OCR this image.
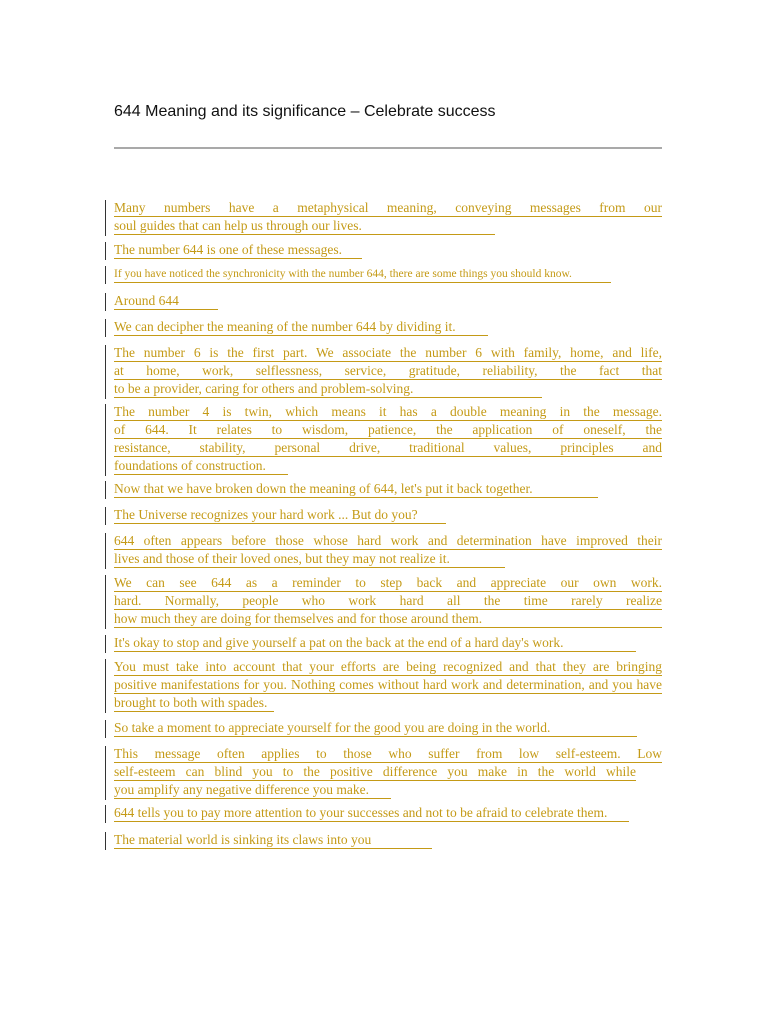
644 Meaning and its significance – Celebrate success
Many numbers have a metaphysical meaning, conveying messages from our
soul guides that can help us through our lives.
The number 644 is one of these messages.
If you have noticed the synchronicity with the number 644, there are some things you should know.
Around 644
We can decipher the meaning of the number 644 by dividing it.
The number 6 is the first part. We associate the number 6 with family, home, and life,
at home, work, selflessness, service, gratitude, reliability, the fact that
to be a provider, caring for others and problem-solving.
The number 4 is twin, which means it has a double meaning in the message.
of 644. It relates to wisdom, patience, the application of oneself, the
resistance, stability, personal drive, traditional values, principles and
foundations of construction.
Now that we have broken down the meaning of 644, let's put it back together.
The Universe recognizes your hard work ... But do you?
644 often appears before those whose hard work and determination have improved their
lives and those of their loved ones, but they may not realize it.
We can see 644 as a reminder to step back and appreciate our own work.
hard. Normally, people who work hard all the time rarely realize
how much they are doing for themselves and for those around them.
It's okay to stop and give yourself a pat on the back at the end of a hard day's work.
You must take into account that your efforts are being recognized and that they are bringing
positive manifestations for you. Nothing comes without hard work and determination, and you have
brought to both with spades.
So take a moment to appreciate yourself for the good you are doing in the world.
This message often applies to those who suffer from low self-esteem. Low
self-esteem can blind you to the positive difference you make in the world while
you amplify any negative difference you make.
644 tells you to pay more attention to your successes and not to be afraid to celebrate them.
The material world is sinking its claws into you
